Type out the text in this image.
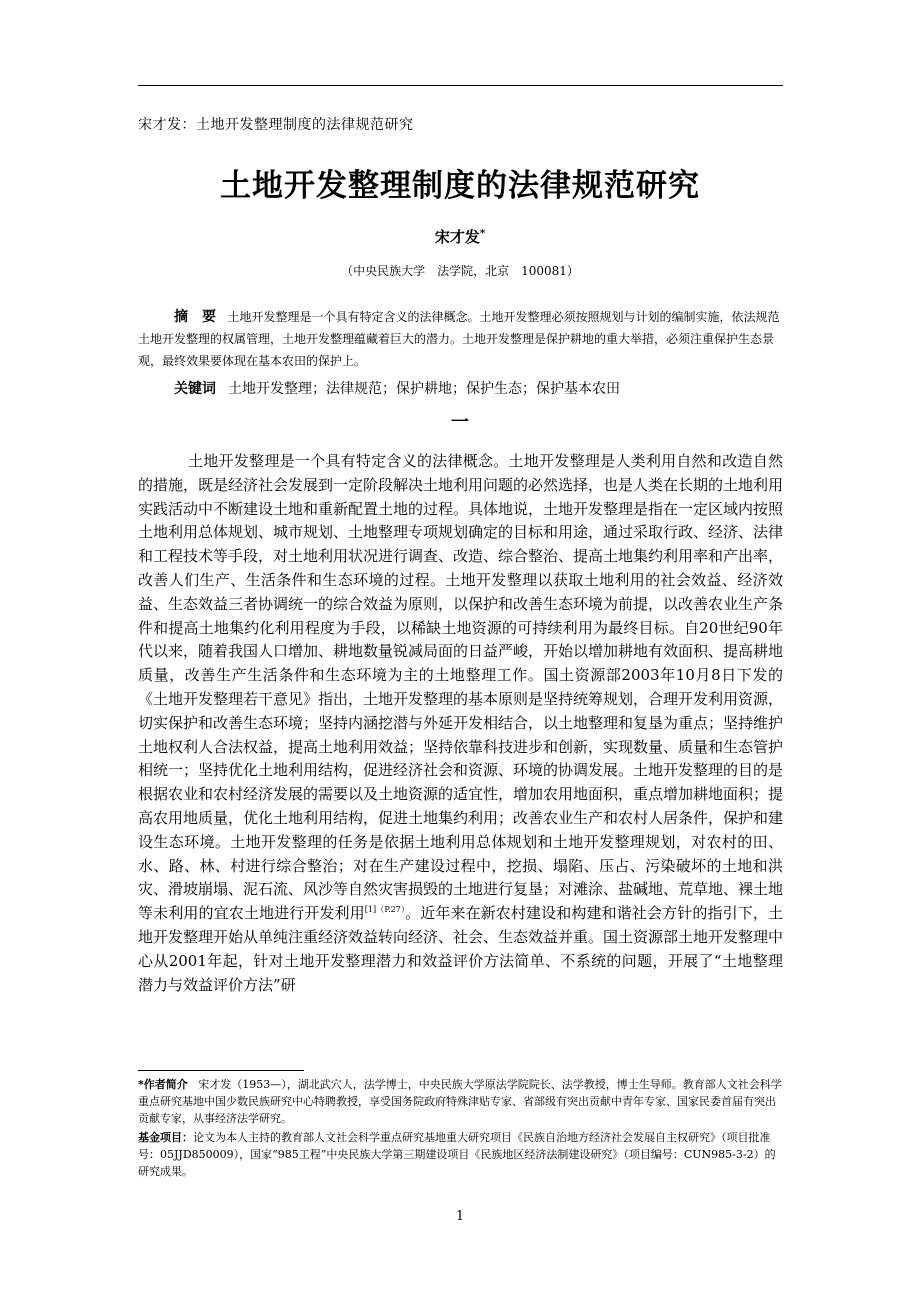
宋才发：土地开发整理制度的法律规范研究
土地开发整理制度的法律规范研究
宋才发*
（中央民族大学　法学院，北京　100081）
摘　要 土地开发整理是一个具有特定含义的法律概念。土地开发整理必须按照规划与计划的编制实施，依法规范土地开发整理的权属管理，土地开发整理蕴藏着巨大的潜力。土地开发整理是保护耕地的重大举措，必须注重保护生态景观，最终效果要体现在基本农田的保护上。
关键词 土地开发整理；法律规范；保护耕地；保护生态；保护基本农田
一
土地开发整理是一个具有特定含义的法律概念。土地开发整理是人类利用自然和改造自然的措施，既是经济社会发展到一定阶段解决土地利用问题的必然选择，也是人类在长期的土地利用实践活动中不断建设土地和重新配置土地的过程。具体地说，土地开发整理是指在一定区域内按照土地利用总体规划、城市规划、土地整理专项规划确定的目标和用途，通过采取行政、经济、法律和工程技术等手段，对土地利用状况进行调查、改造、综合整治、提高土地集约利用率和产出率，改善人们生产、生活条件和生态环境的过程。土地开发整理以获取土地利用的社会效益、经济效益、生态效益三者协调统一的综合效益为原则，以保护和改善生态环境为前提，以改善农业生产条件和提高土地集约化利用程度为手段，以稀缺土地资源的可持续利用为最终目标。自20世纪90年代以来，随着我国人口增加、耕地数量锐减局面的日益严峻，开始以增加耕地有效面积、提高耕地质量，改善生产生活条件和生态环境为主的土地整理工作。国土资源部2003年10月8日下发的《土地开发整理若干意见》指出，土地开发整理的基本原则是坚持统筹规划，合理开发利用资源，切实保护和改善生态环境；坚持内涵挖潜与外延开发相结合，以土地整理和复垦为重点；坚持维护土地权利人合法权益，提高土地利用效益；坚持依靠科技进步和创新，实现数量、质量和生态管护相统一；坚持优化土地利用结构，促进经济社会和资源、环境的协调发展。土地开发整理的目的是根据农业和农村经济发展的需要以及土地资源的适宜性，增加农用地面积，重点增加耕地面积；提高农用地质量，优化土地利用结构，促进土地集约利用；改善农业生产和农村人居条件，保护和建设生态环境。土地开发整理的任务是依据土地利用总体规划和土地开发整理规划，对农村的田、水、路、林、村进行综合整治；对在生产建设过程中，挖损、塌陷、压占、污染破坏的土地和洪灾、滑坡崩塌、泥石流、风沙等自然灾害损毁的土地进行复垦；对滩涂、盐碱地、荒草地、裸土地等未利用的宜农土地进行开发利用$^{[1](P.27)}$。近年来在新农村建设和构建和谐社会方针的指引下，土地开发整理开始从单纯注重经济效益转向经济、社会、生态效益并重。国土资源部土地开发整理中心从2001年起，针对土地开发整理潜力和效益评价方法简单、不系统的问题，开展了“土地整理潜力与效益评价方法”研

*作者简介 宋才发（1953—），湖北武穴人，法学博士，中央民族大学原法学院院长、法学教授，博士生导师。教育部人文社会科学重点研究基地中国少数民族研究中心特聘教授，享受国务院政府特殊津贴专家、省部级有突出贡献中青年专家、国家民委首届有突出贡献专家，从事经济法学研究。

基金项目：论文为本人主持的教育部人文社会科学重点研究基地重大研究项目《民族自治地方经济社会发展自主权研究》（项目批准号：05JJD850009），国家“985工程”中央民族大学第三期建设项目《民族地区经济法制建设研究》（项目编号：CUN985-3-2）的研究成果。

1
